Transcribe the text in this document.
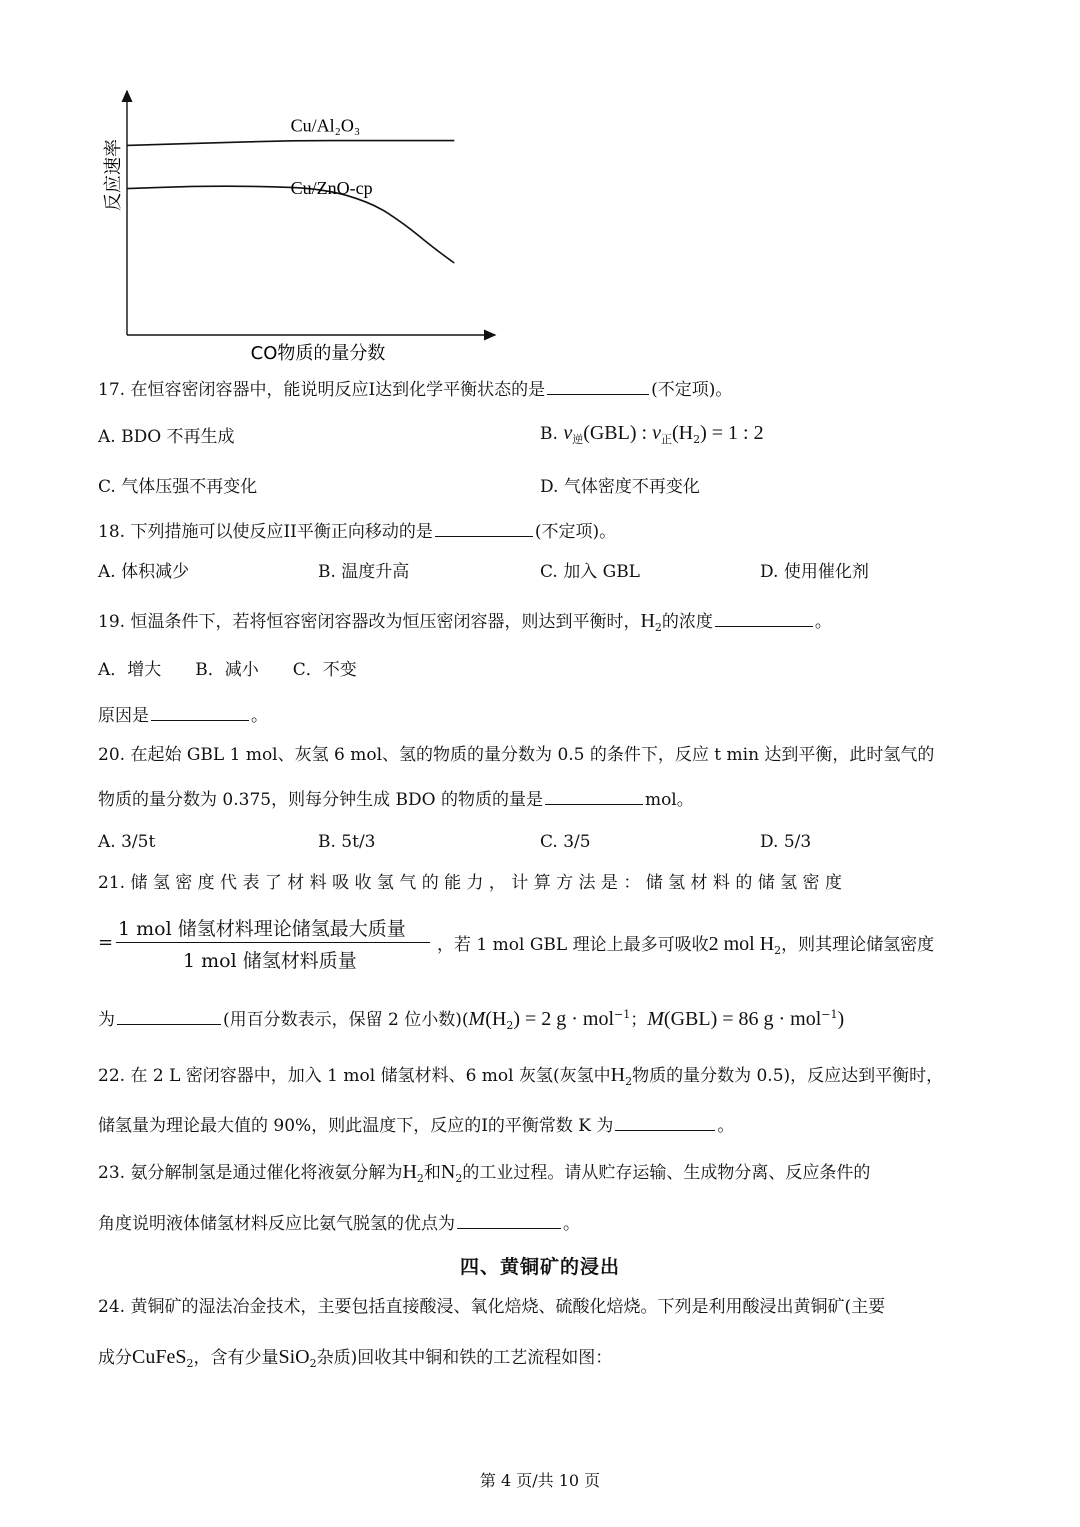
反应速率
CO物质的量分数
Cu/Al₂O₃
Cu/ZnO-cp
17. 在恒容密闭容器中，能说明反应Ⅰ达到化学平衡状态的是	(不定项)。
A. BDO 不再生成	B. $v_逆(GBL)$ : $v_正(H_2) = 1$ : 2
C. 气体压强不再变化	D. 气体密度不再变化
18. 下列措施可以使反应II平衡正向移动的是	(不定项)。
A. 体积减少	B. 温度升高	C. 加入 GBL	D. 使用催化剂
19. 恒温条件下，若将恒容密闭容器改为恒压密闭容器，则达到平衡时，$H_2$的浓度	。
A．增大　　B．减小　　C．不变
原因是	。
20. 在起始 GBL 1 mol、灰氢 6 mol、氢的物质的量分数为 0.5 的条件下，反应 t min 达到平衡，此时氢气的
物质的量分数为 0.375，则每分钟生成 BDO 的物质的量是	mol。
A. 3/5t	B. 5t/3	C. 3/5	D. 5/3
21. 储 氢 密 度 代 表 了 材 料 吸 收 氢 气 的 能 力 ， 计 算 方 法 是 ： 储 氢 材 料 的 储 氢 密 度
=
1 mol 储氢材料理论储氢最大质量
1 mol 储氢材料质量
，若 1 mol GBL 理论上最多可吸收2 mol $H_2$，则其理论储氢密度
为	(用百分数表示，保留 2 位小数)($M(H_2) = 2$ g · mol$^{-1}$；M(GBL) = 86 g · mol$^{-1}$)
22. 在 2 L 密闭容器中，加入 1 mol 储氢材料、6 mol 灰氢(灰氢中$H_2$物质的量分数为 0.5)，反应达到平衡时，
储氢量为理论最大值的 90%，则此温度下，反应的Ⅰ的平衡常数 K 为	。
23. 氨分解制氢是通过催化将液氨分解为$H_2$和$N_2$的工业过程。请从贮存运输、生成物分离、反应条件的
角度说明液体储氢材料反应比氨气脱氢的优点为	。
四、黄铜矿的浸出
24. 黄铜矿的湿法冶金技术，主要包括直接酸浸、氧化焙烧、硫酸化焙烧。下列是利用酸浸出黄铜矿(主要
成分CuFeS$_2$，含有少量SiO$_2$杂质)回收其中铜和铁的工艺流程如图：
第 4 页/共 10 页
